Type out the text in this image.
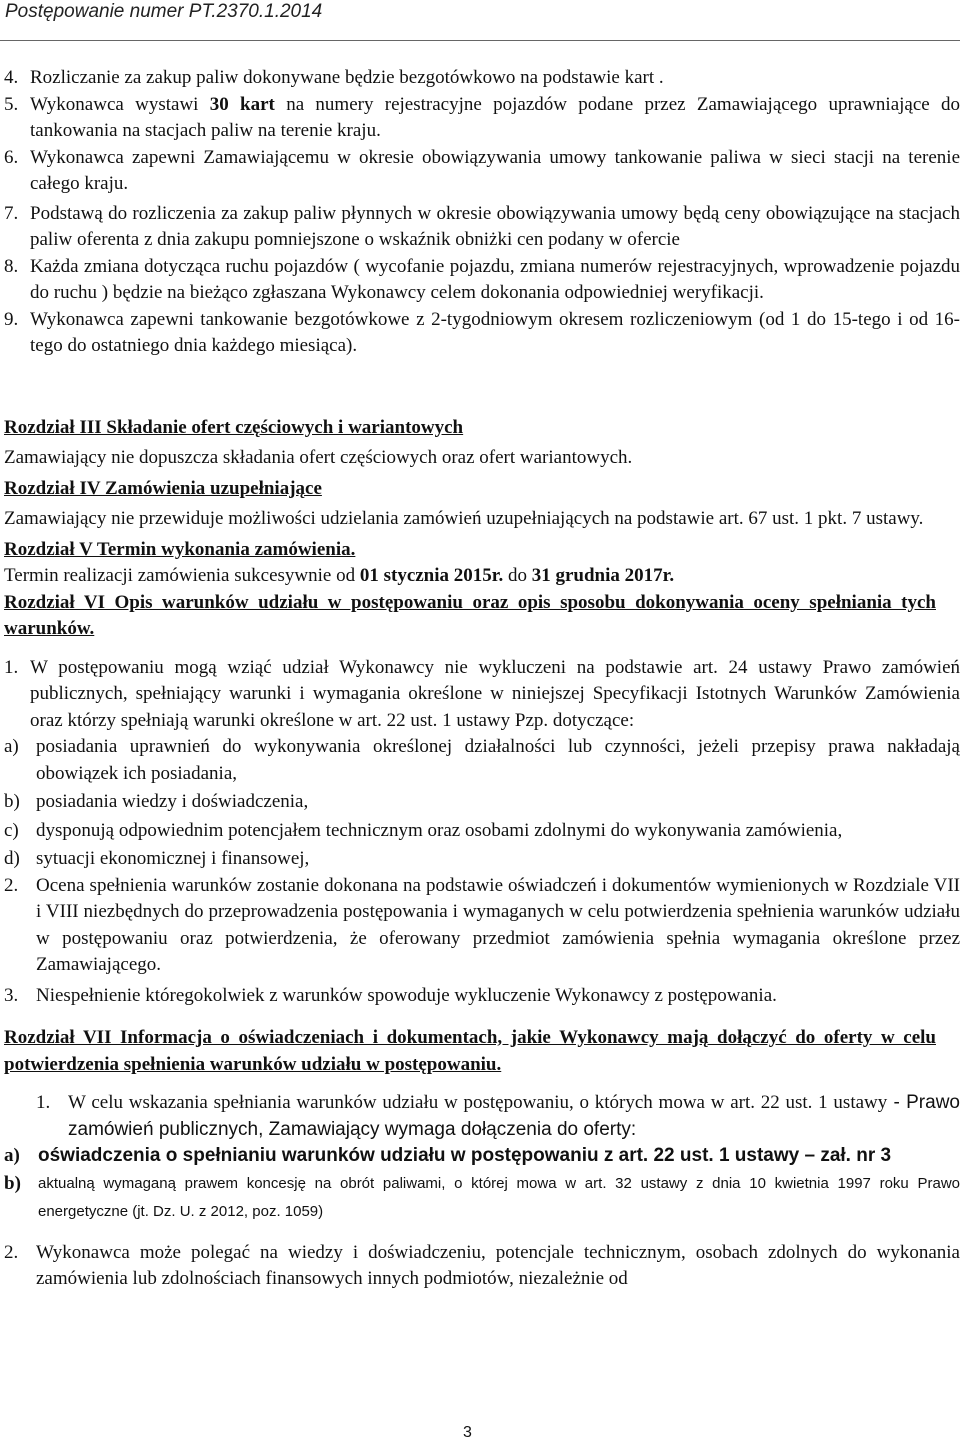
Postępowanie numer PT.2370.1.2014
4. Rozliczanie za zakup paliw dokonywane będzie bezgotówkowo na podstawie kart .
5. Wykonawca wystawi 30 kart na numery rejestracyjne pojazdów podane przez Zamawiającego uprawniające do tankowania na stacjach paliw na terenie kraju.
6. Wykonawca zapewni Zamawiającemu w okresie obowiązywania umowy tankowanie paliwa w sieci stacji na terenie całego kraju.
7. Podstawą do rozliczenia za zakup paliw płynnych w okresie obowiązywania umowy będą ceny obowiązujące na stacjach paliw oferenta z dnia zakupu pomniejszone o wskaźnik obniżki cen podany w ofercie
8. Każda zmiana dotycząca ruchu pojazdów ( wycofanie pojazdu, zmiana numerów rejestracyjnych, wprowadzenie pojazdu do ruchu ) będzie na bieżąco zgłaszana Wykonawcy celem dokonania odpowiedniej weryfikacji.
9. Wykonawca zapewni tankowanie bezgotówkowe z 2-tygodniowym okresem rozliczeniowym (od 1 do 15-tego i od 16-tego do ostatniego dnia każdego miesiąca).
Rozdział III Składanie ofert częściowych i wariantowych
Zamawiający nie dopuszcza składania ofert częściowych oraz ofert wariantowych.
Rozdział IV Zamówienia uzupełniające
Zamawiający nie przewiduje możliwości udzielania zamówień uzupełniających na podstawie art. 67 ust. 1 pkt. 7 ustawy.
Rozdział V Termin wykonania zamówienia.
Termin realizacji zamówienia sukcesywnie od 01 stycznia 2015r. do 31 grudnia 2017r.
Rozdział VI Opis warunków udziału w postępowaniu oraz opis sposobu dokonywania oceny spełniania tych warunków.
1. W postępowaniu mogą wziąć udział Wykonawcy nie wykluczeni na podstawie art. 24 ustawy Prawo zamówień publicznych, spełniający warunki i wymagania określone w niniejszej Specyfikacji Istotnych Warunków Zamówienia oraz którzy spełniają warunki określone w art. 22 ust. 1 ustawy Pzp. dotyczące:
a) posiadania uprawnień do wykonywania określonej działalności lub czynności, jeżeli przepisy prawa nakładają obowiązek ich posiadania,
b) posiadania wiedzy i doświadczenia,
c) dysponują odpowiednim potencjałem technicznym oraz osobami zdolnymi do wykonywania zamówienia,
d) sytuacji ekonomicznej i finansowej,
2. Ocena spełnienia warunków zostanie dokonana na podstawie oświadczeń i dokumentów wymienionych w Rozdziale VII i VIII niezbędnych do przeprowadzenia postępowania i wymaganych w celu potwierdzenia spełnienia warunków udziału w postępowaniu oraz potwierdzenia, że oferowany przedmiot zamówienia spełnia wymagania określone przez Zamawiającego.
3. Niespełnienie któregokolwiek z warunków spowoduje wykluczenie Wykonawcy z postępowania.
Rozdział VII Informacja o oświadczeniach i dokumentach, jakie Wykonawcy mają dołączyć do oferty w celu potwierdzenia spełnienia warunków udziału w postępowaniu.
1. W celu wskazania spełniania warunków udziału w postępowaniu, o których mowa w art. 22 ust. 1 ustawy - Prawo zamówień publicznych, Zamawiający wymaga dołączenia do oferty:
a) oświadczenia o spełnianiu warunków udziału w postępowaniu z art. 22 ust. 1 ustawy – zał. nr 3
b) aktualną wymaganą prawem koncesję na obrót paliwami, o której mowa w art. 32 ustawy z dnia 10 kwietnia 1997 roku Prawo energetyczne (jt. Dz. U. z 2012, poz. 1059)
2. Wykonawca może polegać na wiedzy i doświadczeniu, potencjale technicznym, osobach zdolnych do wykonania zamówienia lub zdolnościach finansowych innych podmiotów, niezależnie od
3
